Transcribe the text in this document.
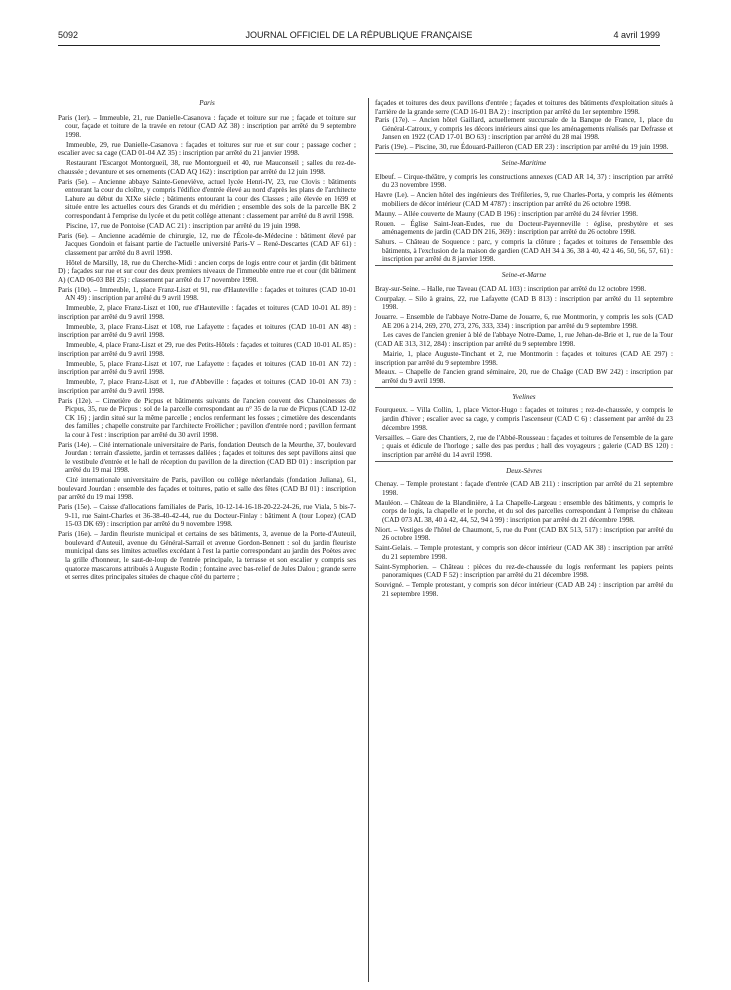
5092	JOURNAL OFFICIEL DE LA RÉPUBLIQUE FRANÇAISE	4 avril 1999
Paris
Paris (1er). – Immeuble, 21, rue Danielle-Casanova : façade et toiture sur rue ; façade et toiture sur cour, façade et toiture de la travée en retour (CAD AZ 38) : inscription par arrêté du 9 septembre 1998.
Immeuble, 29, rue Danielle-Casanova : façades et toitures sur rue et sur cour ; passage cocher ; escalier avec sa cage (CAD 01-04 AZ 35) : inscription par arrêté du 21 janvier 1998.
Restaurant l'Escargot Montorgueil, 38, rue Montorgueil et 40, rue Mauconseil ; salles du rez-de-chaussée ; devanture et ses ornements (CAD AQ 162) : inscription par arrêté du 12 juin 1998.
Paris (5e). – Ancienne abbaye Sainte-Geneviève, actuel lycée Henri-IV, 23, rue Clovis : bâtiments entourant la cour du cloître, y compris l'édifice d'entrée élevé au nord d'après les plans de l'architecte Lahure au début du XIXe siècle ; bâtiments entourant la cour des Classes ; aile élevée en 1699 et située entre les actuelles cours des Grands et du méridien ; ensemble des sols de la parcelle BK 2 correspondant à l'emprise du lycée et du petit collège attenant : classement par arrêté du 8 avril 1998.
Piscine, 17, rue de Pontoise (CAD AC 21) : inscription par arrêté du 19 juin 1998.
Paris (6e). – Ancienne académie de chirurgie, 12, rue de l'École-de-Médecine : bâtiment élevé par Jacques Gondoin et faisant partie de l'actuelle université Paris-V – René-Descartes (CAD AF 61) : classement par arrêté du 8 avril 1998.
Hôtel de Marsilly, 18, rue du Cherche-Midi : ancien corps de logis entre cour et jardin (dit bâtiment D) ; façades sur rue et sur cour des deux premiers niveaux de l'immeuble entre rue et cour (dit bâtiment A) (CAD 06-03 BH 25) : classement par arrêté du 17 novembre 1998.
Paris (10e). – Immeuble, 1, place Franz-Liszt et 91, rue d'Hauteville : façades et toitures (CAD 10-01 AN 49) : inscription par arrêté du 9 avril 1998.
Immeuble, 2, place Franz-Liszt et 100, rue d'Hauteville : façades et toitures (CAD 10-01 AL 89) : inscription par arrêté du 9 avril 1998.
Immeuble, 3, place Franz-Liszt et 108, rue Lafayette : façades et toitures (CAD 10-01 AN 48) : inscription par arrêté du 9 avril 1998.
Immeuble, 4, place Franz-Liszt et 29, rue des Petits-Hôtels : façades et toitures (CAD 10-01 AL 85) : inscription par arrêté du 9 avril 1998.
Immeuble, 5, place Franz-Liszt et 107, rue Lafayette : façades et toitures (CAD 10-01 AN 72) : inscription par arrêté du 9 avril 1998.
Immeuble, 7, place Franz-Liszt et 1, rue d'Abbeville : façades et toitures (CAD 10-01 AN 73) : inscription par arrêté du 9 avril 1998.
Paris (12e). – Cimetière de Picpus et bâtiments suivants de l'ancien couvent des Chanoinesses de Picpus, 35, rue de Picpus : sol de la parcelle correspondant au n° 35 de la rue de Picpus (CAD 12-02 CK 16) ; jardin situé sur la même parcelle ; enclos renfermant les fosses ; cimetière des descendants des familles ; chapelle construite par l'architecte Froëlicher ; pavillon d'entrée nord ; pavillon fermant la cour à l'est : inscription par arrêté du 30 avril 1998.
Paris (14e). – Cité internationale universitaire de Paris, fondation Deutsch de la Meurthe, 37, boulevard Jourdan : terrain d'assiette, jardin et terrasses dallées ; façades et toitures des sept pavillons ainsi que le vestibule d'entrée et le hall de réception du pavillon de la direction (CAD BD 01) : inscription par arrêté du 19 mai 1998.
Cité internationale universitaire de Paris, pavillon ou collège néerlandais (fondation Juliana), 61, boulevard Jourdan : ensemble des façades et toitures, patio et salle des fêtes (CAD BJ 01) : inscription par arrêté du 19 mai 1998.
Paris (15e). – Caisse d'allocations familiales de Paris, 10-12-14-16-18-20-22-24-26, rue Viala, 5 bis-7-9-11, rue Saint-Charles et 36-38-40-42-44, rue du Docteur-Finlay : bâtiment A (tour Lopez) (CAD 15-03 DK 69) : inscription par arrêté du 9 novembre 1998.
Paris (16e). – Jardin fleuriste municipal et certains de ses bâtiments, 3, avenue de la Porte-d'Auteuil, boulevard d'Auteuil, avenue du Général-Sarrail et avenue Gordon-Bennett : sol du jardin fleuriste municipal dans ses limites actuelles excédant à l'est la partie correspondant au jardin des Poètes avec la grille d'honneur, le saut-de-loup de l'entrée principale, la terrasse et son escalier y compris ses quatorze mascarons attribués à Auguste Rodin ; fontaine avec bas-relief de Jules Dalou ; grande serre et serres dites principales situées de chaque côté du parterre ;
façades et toitures des deux pavillons d'entrée ; façades et toitures des bâtiments d'exploitation situés à l'arrière de la grande serre (CAD 16-01 BA 2) : inscription par arrêté du 1er septembre 1998.
Paris (17e). – Ancien hôtel Gaillard, actuellement succursale de la Banque de France, 1, place du Général-Catroux, y compris les décors intérieurs ainsi que les aménagements réalisés par Defrasse et Jansen en 1922 (CAD 17-01 BO 63) : inscription par arrêté du 28 mai 1998.
Paris (19e). – Piscine, 30, rue Édouard-Pailleron (CAD ER 23) : inscription par arrêté du 19 juin 1998.
Seine-Maritime
Elbeuf. – Cirque-théâtre, y compris les constructions annexes (CAD AR 14, 37) : inscription par arrêté du 23 novembre 1998.
Havre (Le). – Ancien hôtel des ingénieurs des Tréfileries, 9, rue Charles-Porta, y compris les éléments mobiliers de décor intérieur (CAD M 4787) : inscription par arrêté du 26 octobre 1998.
Mauny. – Allée couverte de Mauny (CAD B 196) : inscription par arrêté du 24 février 1998.
Rouen. – Église Saint-Jean-Eudes, rue du Docteur-Payenneville : église, presbytère et ses aménagements de jardin (CAD DN 216, 369) : inscription par arrêté du 26 octobre 1998.
Sahurs. – Château de Soquence : parc, y compris la clôture ; façades et toitures de l'ensemble des bâtiments, à l'exclusion de la maison de gardien (CAD AH 34 à 36, 38 à 40, 42 à 46, 50, 56, 57, 61) : inscription par arrêté du 8 janvier 1998.
Seine-et-Marne
Bray-sur-Seine. – Halle, rue Taveau (CAD AL 103) : inscription par arrêté du 12 octobre 1998.
Courpalay. – Silo à grains, 22, rue Lafayette (CAD B 813) : inscription par arrêté du 11 septembre 1998.
Jouarre. – Ensemble de l'abbaye Notre-Dame de Jouarre, 6, rue Montmorin, y compris les sols (CAD AE 206 à 214, 269, 270, 273, 276, 333, 334) : inscription par arrêté du 9 septembre 1998.
Les caves de l'ancien grenier à blé de l'abbaye Notre-Dame, 1, rue Jehan-de-Brie et 1, rue de la Tour (CAD AE 313, 312, 284) : inscription par arrêté du 9 septembre 1998.
Mairie, 1, place Auguste-Tinchant et 2, rue Montmorin : façades et toitures (CAD AE 297) : inscription par arrêté du 9 septembre 1998.
Meaux. – Chapelle de l'ancien grand séminaire, 20, rue de Chaâge (CAD BW 242) : inscription par arrêté du 9 avril 1998.
Yvelines
Fourqueux. – Villa Collin, 1, place Victor-Hugo : façades et toitures ; rez-de-chaussée, y compris le jardin d'hiver ; escalier avec sa cage, y compris l'ascenseur (CAD C 6) : classement par arrêté du 23 décembre 1998.
Versailles. – Gare des Chantiers, 2, rue de l'Abbé-Rousseau : façades et toitures de l'ensemble de la gare ; quais et édicule de l'horloge ; salle des pas perdus ; hall des voyageurs ; galerie (CAD BS 120) : inscription par arrêté du 14 avril 1998.
Deux-Sèvres
Chenay. – Temple protestant : façade d'entrée (CAD AB 211) : inscription par arrêté du 21 septembre 1998.
Mauléon. – Château de la Blandinière, à La Chapelle-Largeau : ensemble des bâtiments, y compris le corps de logis, la chapelle et le porche, et du sol des parcelles correspondant à l'emprise du château (CAD 073 AL 38, 40 à 42, 44, 52, 94 à 99) : inscription par arrêté du 21 décembre 1998.
Niort. – Vestiges de l'hôtel de Chaumont, 5, rue du Pont (CAD BX 513, 517) : inscription par arrêté du 26 octobre 1998.
Saint-Gelais. – Temple protestant, y compris son décor intérieur (CAD AK 38) : inscription par arrêté du 21 septembre 1998.
Saint-Symphorien. – Château : pièces du rez-de-chaussée du logis renfermant les papiers peints panoramiques (CAD F 52) : inscription par arrêté du 21 décembre 1998.
Souvigné. – Temple protestant, y compris son décor intérieur (CAD AB 24) : inscription par arrêté du 21 septembre 1998.
